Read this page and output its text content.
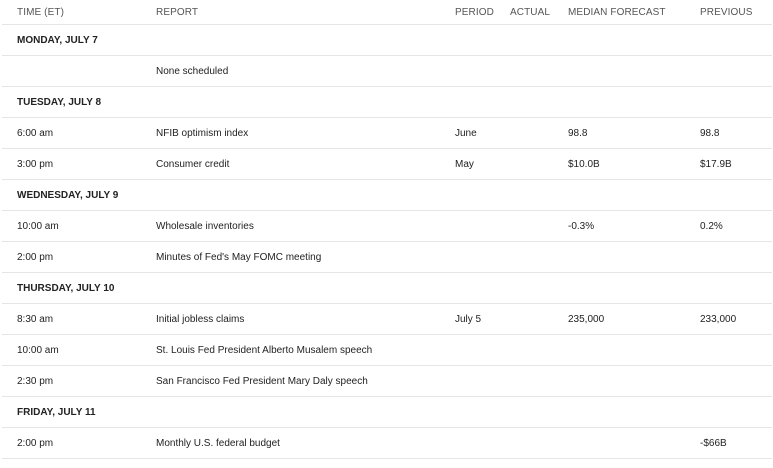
TIME (ET)	REPORT	PERIOD	ACTUAL	MEDIAN FORECAST	PREVIOUS
MONDAY, JULY 7					
	None scheduled				
TUESDAY, JULY 8					
6:00 am	NFIB optimism index	June		98.8	98.8
3:00 pm	Consumer credit	May		$10.0B	$17.9B
WEDNESDAY, JULY 9					
10:00 am	Wholesale inventories			-0.3%	0.2%
2:00 pm	Minutes of Fed's May FOMC meeting				
THURSDAY, JULY 10					
8:30 am	Initial jobless claims	July 5		235,000	233,000
10:00 am	St. Louis Fed President Alberto Musalem speech				
2:30 pm	San Francisco Fed President Mary Daly speech				
FRIDAY, JULY 11					
2:00 pm	Monthly U.S. federal budget				-$66B
